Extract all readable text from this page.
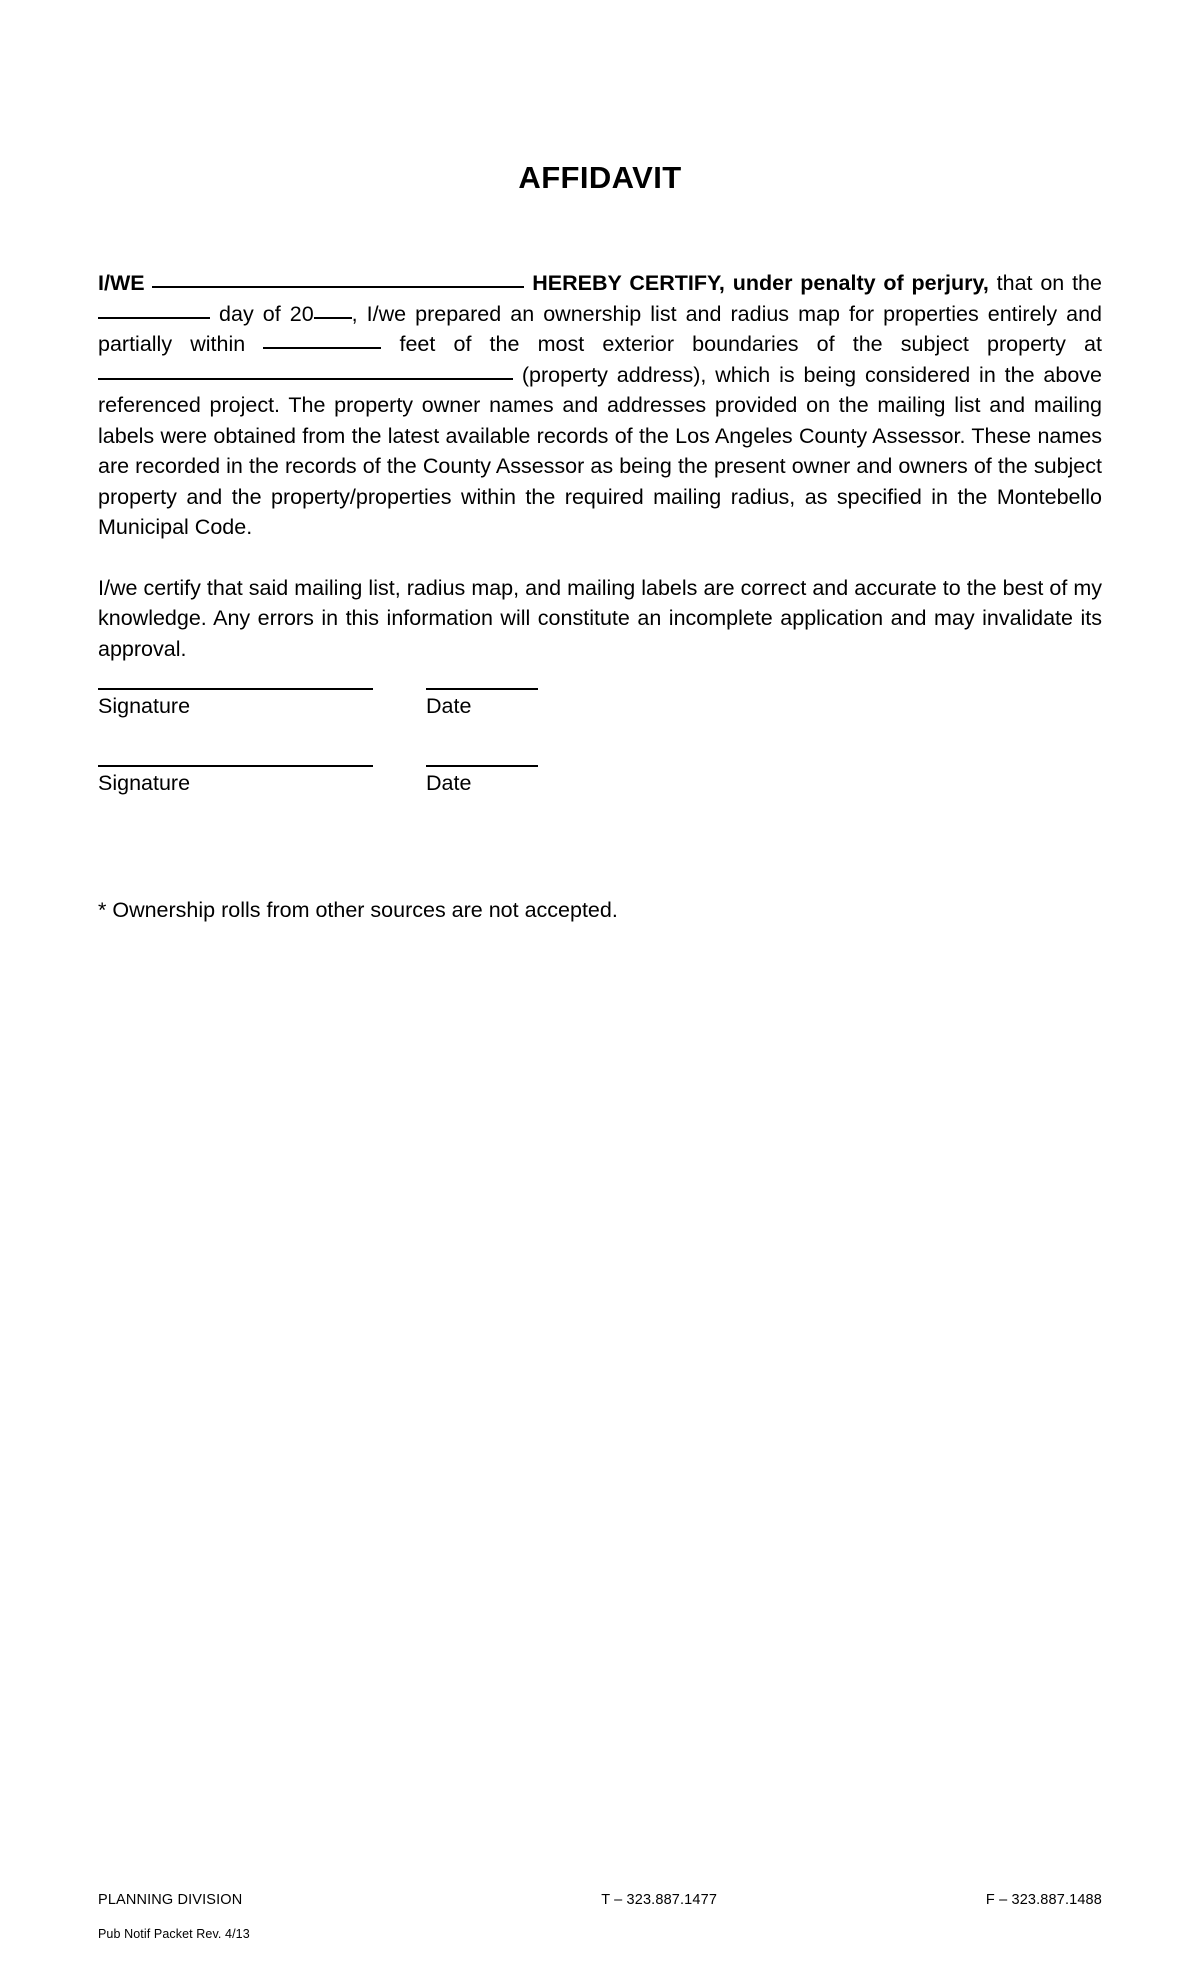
AFFIDAVIT

I/WE	HEREBY CERTIFY, under penalty of perjury, that on the  day of 20 , I/we prepared an ownership list and radius map for properties entirely and partially within	feet of the most exterior boundaries of the subject property at  (property address), which is being considered in the above referenced project. The property owner names and addresses provided on the mailing list and mailing labels were obtained from the latest available records of the Los Angeles County Assessor. These names are recorded in the records of the County Assessor as being the present owner and owners of the subject property and the property/properties within the required mailing radius, as specified in the Montebello Municipal Code.

I/we certify that said mailing list, radius map, and mailing labels are correct and accurate to the best of my knowledge. Any errors in this information will constitute an incomplete application and may invalidate its approval.

Signature	Date
Signature	Date
* Ownership rolls from other sources are not accepted.
PLANNING DIVISION	T – 323.887.1477	F – 323.887.1488
Pub Notif Packet Rev. 4/13
